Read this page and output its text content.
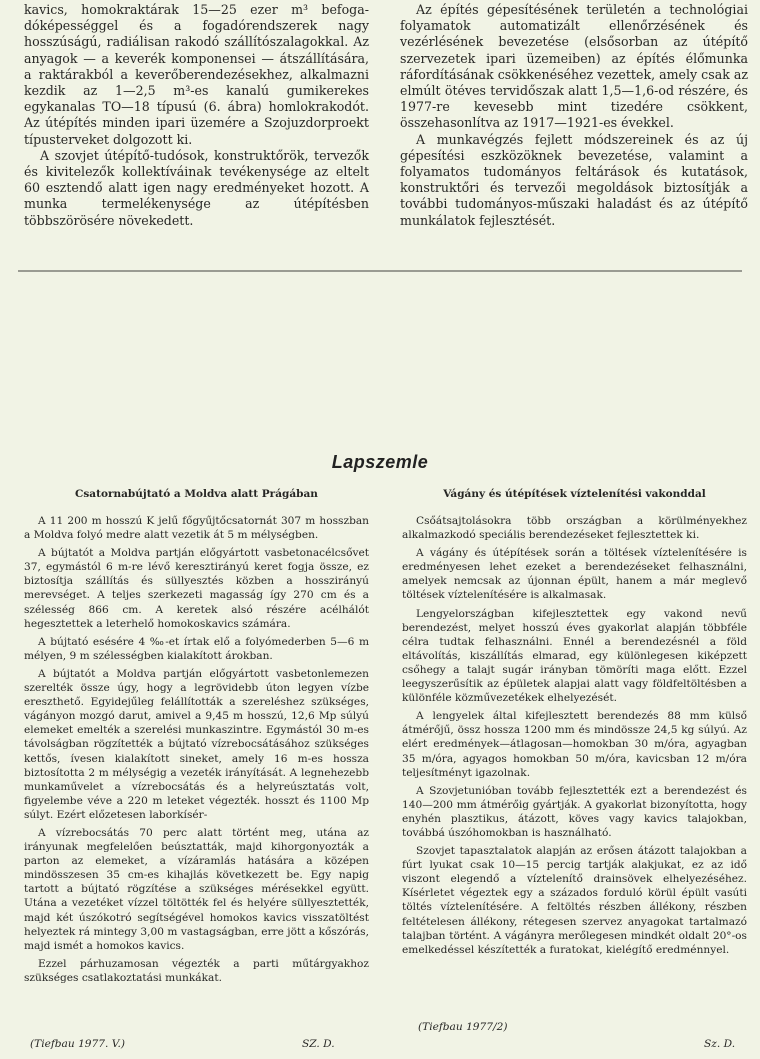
kavics, homokraktárak 15—25 ezer m³ befogadóképességgel és a fogadórendszerek nagy hosszúságú, radiálisan rakodó szállítószalagokkal. Az anyagok — a keverék komponensei — átszállítására, a raktárakból a keverőberendezésekhez, alkalmazni kezdik az 1—2,5 m³-es kanalú gumikerekes egykanalas TO—18 típusú (6. ábra) homlokrakodót. Az útépítés minden ipari üzemére a Szojuzdorproekt típusterveket dolgozott ki.

A szovjet útépítő-tudósok, konstruktőrök, tervezők és kivitelezők kollektíváinak tevékenysége az eltelt 60 esztendő alatt igen nagy eredményeket hozott. A munka termelékenysége az útépítésben többszörösére növekedett.

Az építés gépesítésének területén a technológiai folyamatok automatizált ellenőrzésének és vezérlésének bevezetése (elsősorban az útépítő szervezetek ipari üzemeiben) az építés élőmunka ráfordításának csökkenéséhez vezettek, amely csak az elmúlt ötéves tervidőszak alatt 1,5—1,6-od részére, és 1977-re kevesebb mint tizedére csökkent, összehasonlítva az 1917—1921-es évekkel.

A munkavégzés fejlett módszereinek és az új gépesítési eszközöknek bevezetése, valamint a folyamatos tudományos feltárások és kutatások, konstruktőri és tervezői megoldások biztosítják a további tudományos-műszaki haladást és az útépítő munkálatok fejlesztését.

Lapszemle
Csatornabújtató a Moldva alatt Prágában	Vágány és útépítések víztelenítési vakonddal

A 11 200 m hosszú K jelű főgyűjtőcsatornát 307 m hosszban a Moldva folyó medre alatt vezetik át 5 m mélységben.

A bújtatót a Moldva partján előgyártott vasbetonacélcsővet 37, egymástól 6 m-re lévő keresztirányú keret fogja össze, ez biztosítja szállítás és süllyesztés közben a hosszirányú merevséget. A teljes szerkezeti magasság így 270 cm és a szélesség 866 cm. A keretek alsó részére acélhálót hegesztettek a leterhelő homokoskavics számára.

A bújtató esésére 4 ‰-et írtak elő a folyómederben 5—6 m mélyen, 9 m szélességben kialakított árokban.

A bújtatót a Moldva partján előgyártott vasbetonlemezen szerelték össze úgy, hogy a legrövidebb úton legyen vízbe ereszthető. Egyidejűleg felállították a szereléshez szükséges, vágányon mozgó darut, amivel a 9,45 m hosszú, 12,6 Mp súlyú elemeket emelték a szerelési munkaszintre. Egymástól 30 m-es távolságban rögzítették a bújtató vízrebocsátásához szükséges kettős, ívesen kialakított sineket, amely 16 m-es hossza biztosította 2 m mélységig a vezeték irányítását. A legnehezebb munkaművelet a vízrebocsátás és a helyreúsztatás volt, figyelembe véve a 220 m leteket végezték. hosszt és 1100 Mp súlyt. Ezért előzetesen laborkísér-

A vízrebocsátás 70 perc alatt történt meg, utána az irányunak megfelelően beúsztatták, majd kihorgonyozták a parton az elemeket, a vízáramlás hatására a középen mindösszesen 35 cm-es kihajlás következett be. Egy napig tartott a bújtató rögzítése a szükséges mérésekkel együtt. Utána a vezetéket vízzel töltötték fel és helyére süllyesztették, majd két úszókotró segítségével homokos kavics visszatöltést helyeztek rá mintegy 3,00 m vastagságban, erre jött a kőszórás, majd ismét a homokos kavics.

Ezzel párhuzamosan végezték a parti műtárgyakhoz szükséges csatlakoztatási munkákat.

Csőátsajtolásokra több országban a körülményekhez alkalmazkodó speciális berendezéseket fejlesztettek ki.

A vágány és útépítések során a töltések víztelenítésére is eredményesen lehet ezeket a berendezéseket felhasználni, amelyek nemcsak az újonnan épült, hanem a már meglevő töltések víztelenítésére is alkalmasak.

Lengyelországban kifejlesztettek egy vakond nevű berendezést, melyet hosszú éves gyakorlat alapján többféle célra tudtak felhasználni. Ennél a berendezésnél a föld eltávolítás, kiszállítás elmarad, egy különlegesen kiképzett csőhegy a talajt sugár irányban tömöríti maga előtt. Ezzel leegyszerűsítik az épületek alapjai alatt vagy földfeltöltésben a különféle közművezetékek elhelyezését.

A lengyelek által kifejlesztett berendezés 88 mm külső átmérőjű, össz hossza 1200 mm és mindössze 24,5 kg súlyú. Az elért eredmények—átlagosan—homokban 30 m/óra, agyagban 35 m/óra, agyagos homokban 50 m/óra, kavicsban 12 m/óra teljesítményt igazolnak.

A Szovjetunióban tovább fejlesztették ezt a berendezést és 140—200 mm átmérőig gyártják. A gyakorlat bizonyította, hogy enyhén plasztikus, átázott, köves vagy kavics talajokban, továbbá úszóhomokban is használható.

Szovjet tapasztalatok alapján az erősen átázott talajokban a fúrt lyukat csak 10—15 percig tartják alakjukat, ez az idő viszont elegendő a víztelenítő drainsövek elhelyezéséhez. Kísérletet végeztek egy a százados forduló körül épült vasúti töltés víztelenítésére. A feltöltés részben állékony, részben feltételesen állékony, rétegesen szervez anyagokat tartalmazó talajban történt. A vágányra merőlegesen mindkét oldalt 20°-os emelkedéssel készítették a furatokat, kielégítő eredménnyel.

(Tiefbau 1977. V.)	SZ. D.
(Tiefbau 1977/2)
Sz. D.
